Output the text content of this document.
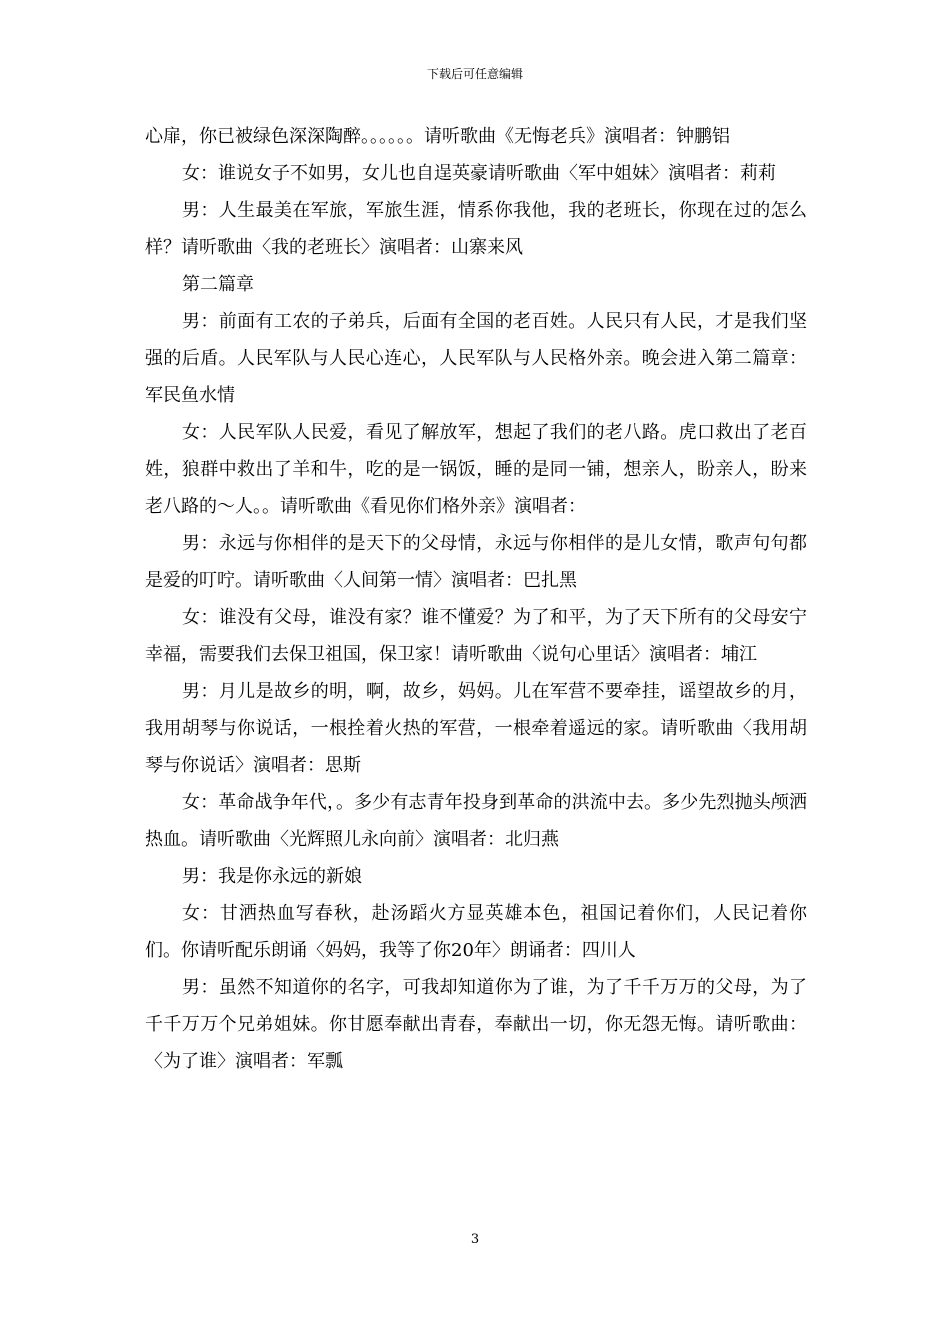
下载后可任意编辑

心扉，你已被绿色深深陶醉。。。。。。请听歌曲《无悔老兵》演唱者：钟鹏铝

女：谁说女子不如男，女儿也自逞英豪请听歌曲〈军中姐妹〉演唱者：莉莉

男：人生最美在军旅，军旅生涯，情系你我他，我的老班长，你现在过的怎么样？请听歌曲〈我的老班长〉演唱者：山寨来风

第二篇章

男：前面有工农的子弟兵，后面有全国的老百姓。人民只有人民，才是我们坚强的后盾。人民军队与人民心连心，人民军队与人民格外亲。晚会进入第二篇章：军民鱼水情

女：人民军队人民爱，看见了解放军，想起了我们的老八路。虎口救出了老百姓，狼群中救出了羊和牛，吃的是一锅饭，睡的是同一铺，想亲人，盼亲人，盼来老八路的～人。。请听歌曲《看见你们格外亲》演唱者：

男：永远与你相伴的是天下的父母情，永远与你相伴的是儿女情，歌声句句都是爱的叮咛。请听歌曲〈人间第一情〉演唱者：巴扎黑

女：谁没有父母，谁没有家？谁不懂爱？为了和平，为了天下所有的父母安宁幸福，需要我们去保卫祖国，保卫家！请听歌曲〈说句心里话〉演唱者：埔江

男：月儿是故乡的明，啊，故乡，妈妈。儿在军营不要牵挂，谣望故乡的月，我用胡琴与你说话，一根拴着火热的军营，一根牵着遥远的家。请听歌曲〈我用胡琴与你说话〉演唱者：思斯

女：革命战争年代，。多少有志青年投身到革命的洪流中去。多少先烈抛头颅洒热血。请听歌曲〈光辉照儿永向前〉演唱者：北归燕

男：我是你永远的新娘

女：甘洒热血写春秋，赴汤蹈火方显英雄本色，祖国记着你们，人民记着你们。你请听配乐朗诵〈妈妈，我等了你20年〉朗诵者：四川人

男：虽然不知道你的名字，可我却知道你为了谁，为了千千万万的父母，为了千千万万个兄弟姐妹。你甘愿奉献出青春，奉献出一切，你无怨无悔。请听歌曲：〈为了谁〉演唱者：军瓢

3
